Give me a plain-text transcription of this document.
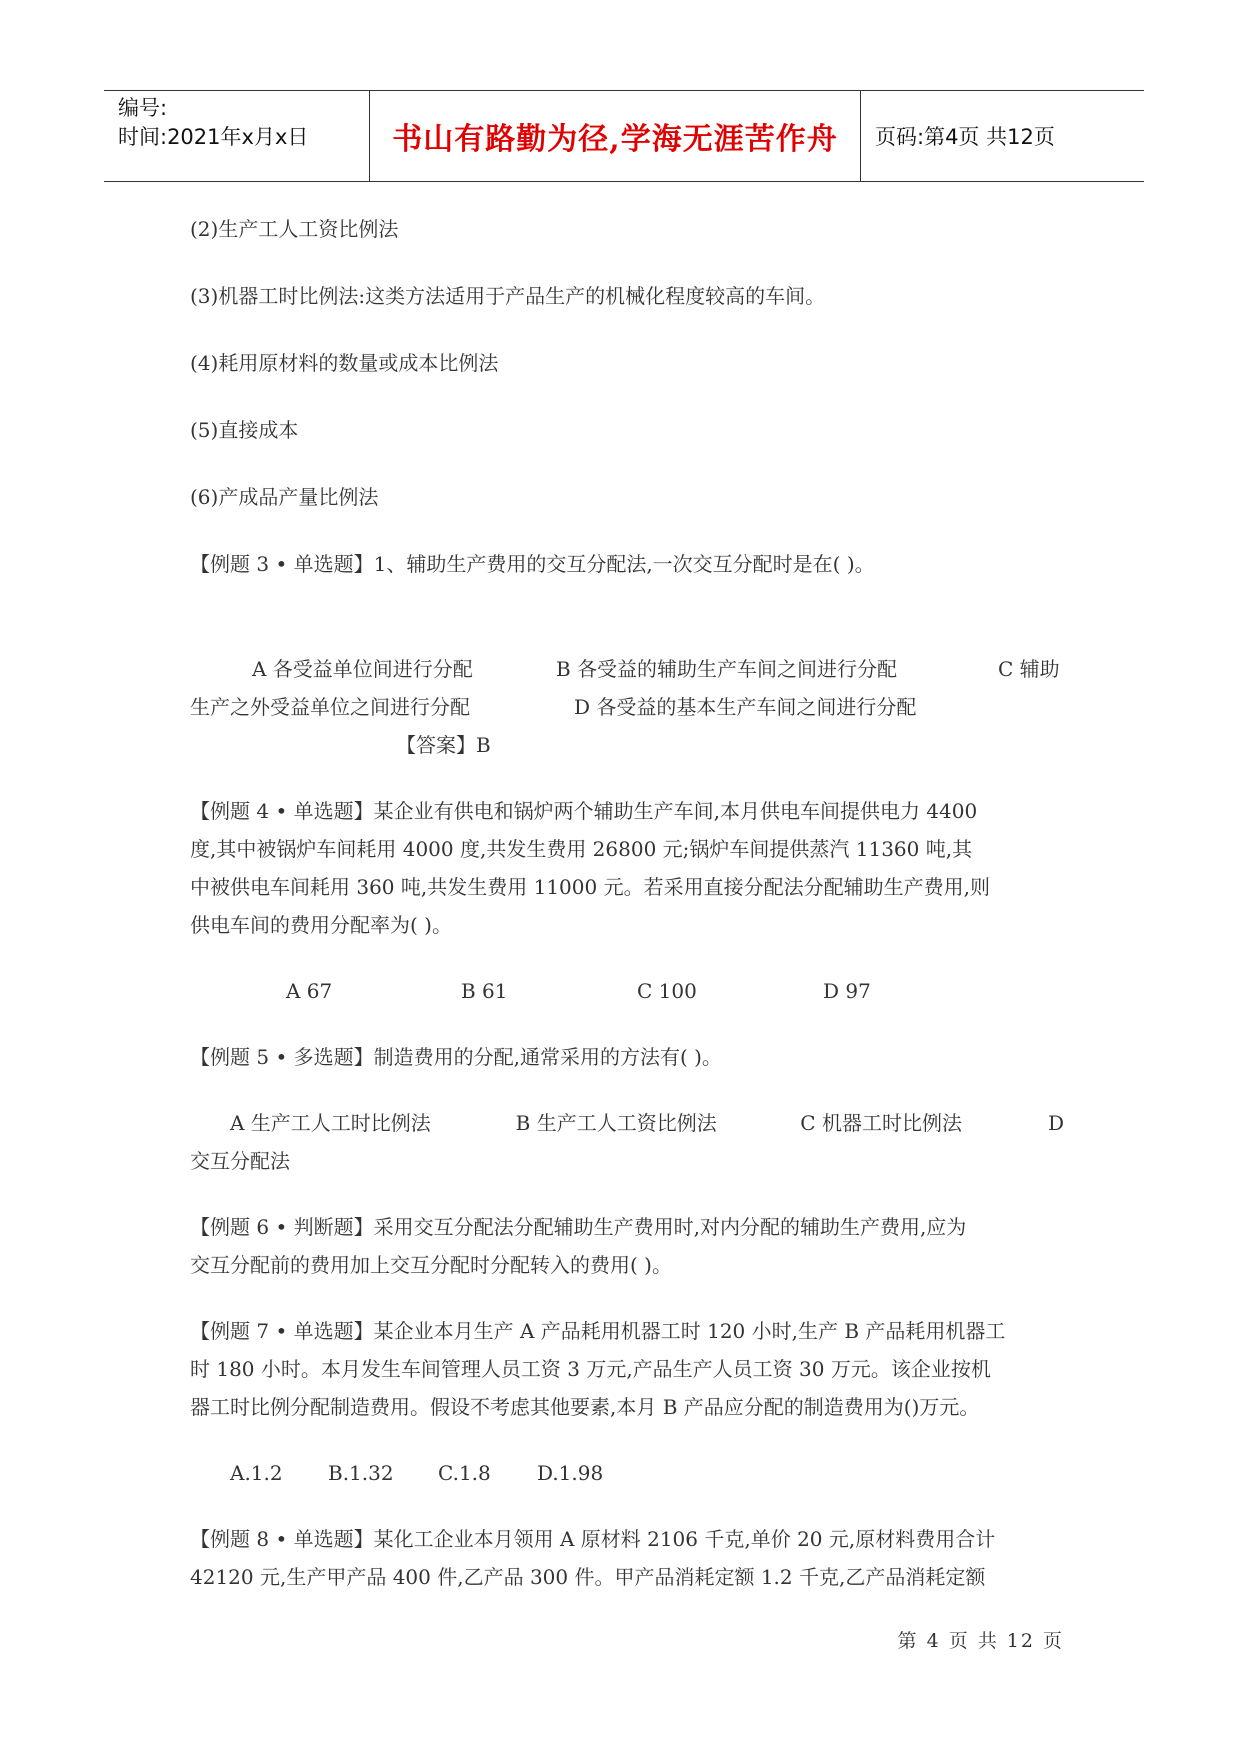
编号:
时间:2021年x月x日	书山有路勤为径,学海无涯苦作舟	页码:第4页 共12页
(2)生产工人工资比例法
(3)机器工时比例法:这类方法适用于产品生产的机械化程度较高的车间。
(4)耗用原材料的数量或成本比例法
(5)直接成本
(6)产成品产量比例法

【例题 3 • 单选题】1、辅助生产费用的交互分配法,一次交互分配时是在( )。

A 各受益单位间进行分配	B 各受益的辅助生产车间之间进行分配	C 辅助
生产之外受益单位之间进行分配	D 各受益的基本生产车间之间进行分配
【答案】B
【例题 4 • 单选题】某企业有供电和锅炉两个辅助生产车间,本月供电车间提供电力 4400
度,其中被锅炉车间耗用 4000 度,共发生费用 26800 元;锅炉车间提供蒸汽 11360 吨,其
中被供电车间耗用 360 吨,共发生费用 11000 元。若采用直接分配法分配辅助生产费用,则
供电车间的费用分配率为( )。
A 67	B 61	C 100	D 97
【例题 5 • 多选题】制造费用的分配,通常采用的方法有( )。
A 生产工人工时比例法	B 生产工人工资比例法	C 机器工时比例法	D
交互分配法
【例题 6 • 判断题】采用交互分配法分配辅助生产费用时,对内分配的辅助生产费用,应为
交互分配前的费用加上交互分配时分配转入的费用( )。
【例题 7 • 单选题】某企业本月生产 A 产品耗用机器工时 120 小时,生产 B 产品耗用机器工
时 180 小时。本月发生车间管理人员工资 3 万元,产品生产人员工资 30 万元。该企业按机
器工时比例分配制造费用。假设不考虑其他要素,本月 B 产品应分配的制造费用为()万元。
A.1.2	B.1.32	C.1.8	D.1.98
【例题 8 • 单选题】某化工企业本月领用 A 原材料 2106 千克,单价 20 元,原材料费用合计
42120 元,生产甲产品 400 件,乙产品 300 件。甲产品消耗定额 1.2 千克,乙产品消耗定额
第 4 页 共 12 页
